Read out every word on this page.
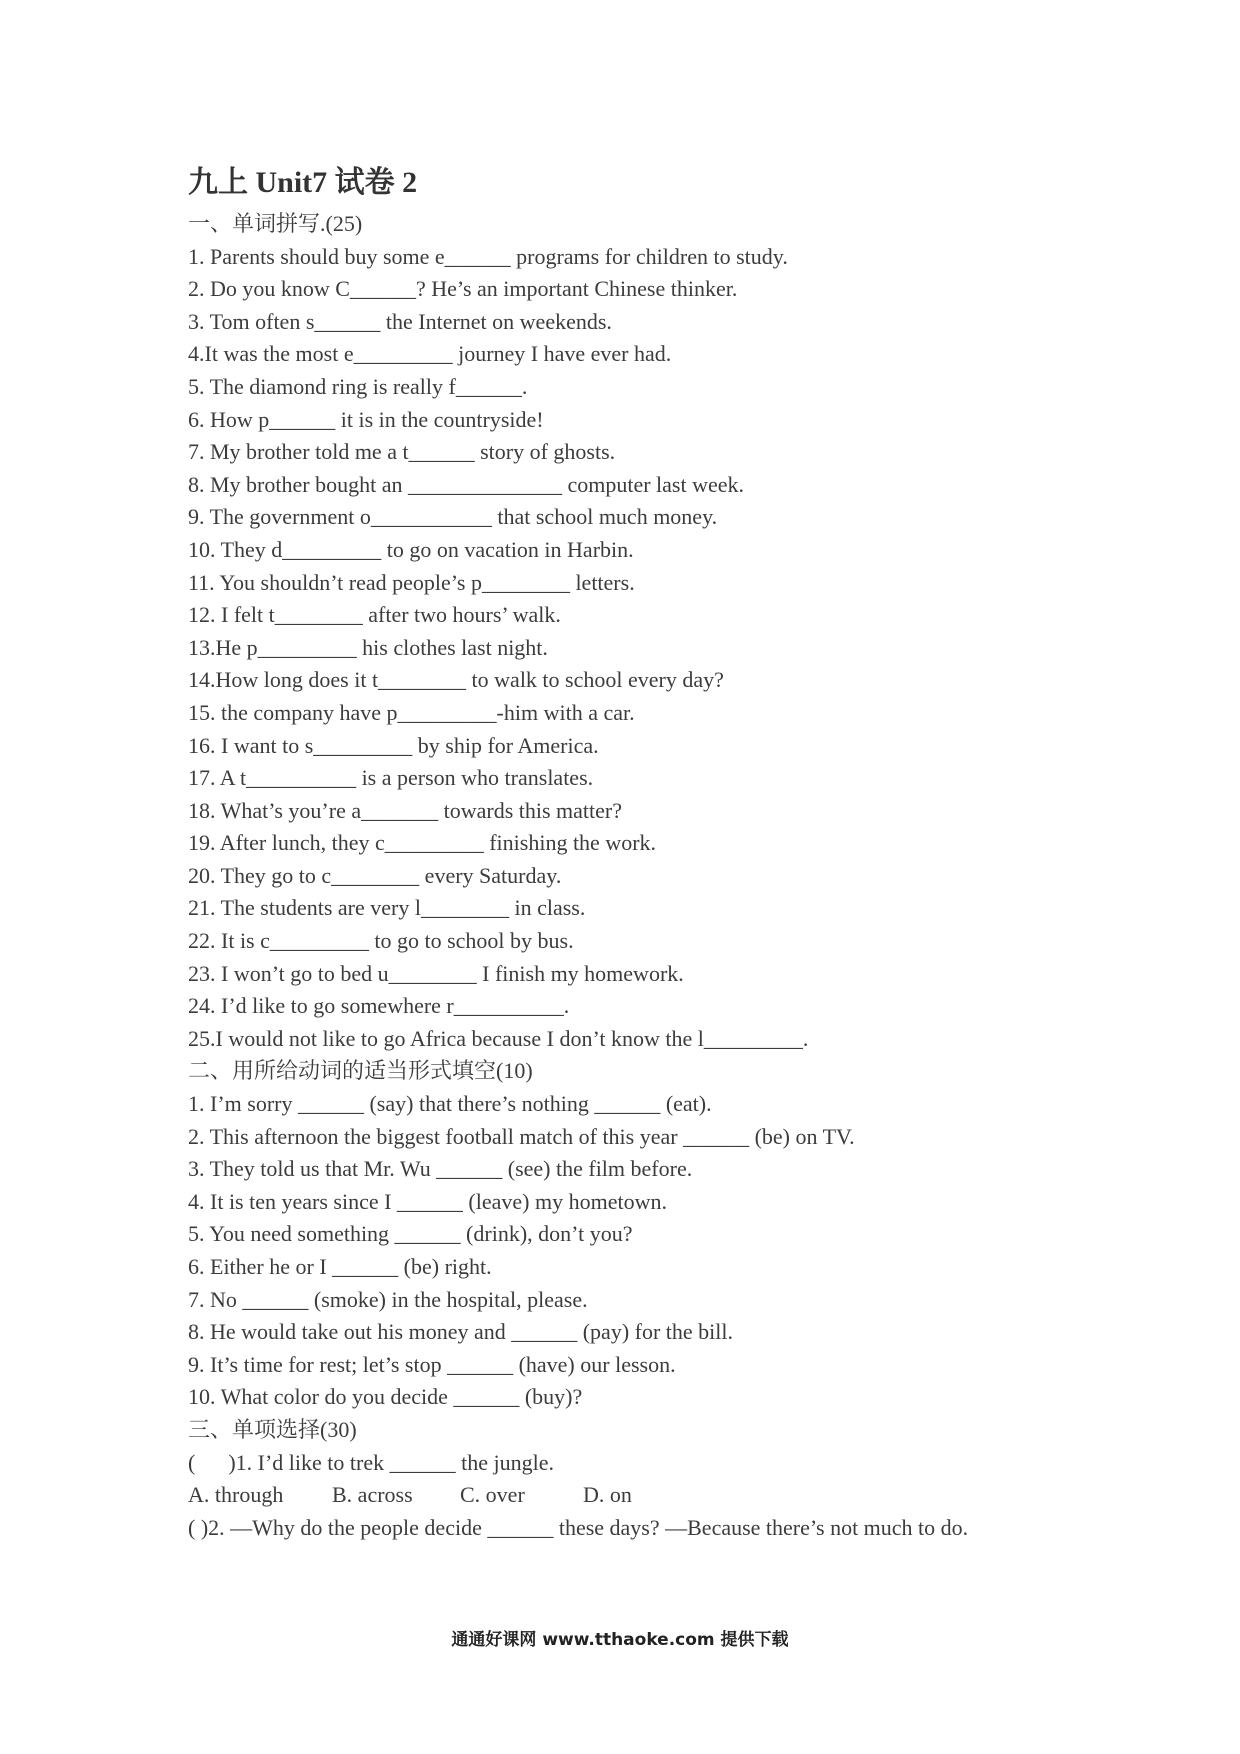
九上 Unit7 试卷 2
一、单词拼写.(25)
1. Parents should buy some e______ programs for children to study.
2. Do you know C______? He’s an important Chinese thinker.
3. Tom often s______ the Internet on weekends.
4.It was the most e_________ journey I have ever had.
5. The diamond ring is really f______.
6. How p______ it is in the countryside!
7. My brother told me a t______ story of ghosts.
8. My brother bought an ______________ computer last week.
9. The government o___________ that school much money.
10. They d_________ to go on vacation in Harbin.
11. You shouldn’t read people’s p________ letters.
12. I felt t________ after two hours’ walk.
13.He p_________ his clothes last night.
14.How long does it t________ to walk to school every day?
15. the company have p_________-him with a car.
16. I want to s_________ by ship for America.
17. A t__________ is a person who translates.
18. What’s you’re a_______ towards this matter?
19. After lunch, they c_________ finishing the work.
20. They go to c________ every Saturday.
21. The students are very l________ in class.
22. It is c_________ to go to school by bus.
23. I won’t go to bed u________ I finish my homework.
24. I’d like to go somewhere r__________.
25.I would not like to go Africa because I don’t know the l_________.
二、用所给动词的适当形式填空(10)
1. I’m sorry ______ (say) that there’s nothing ______ (eat).
2. This afternoon the biggest football match of this year ______ (be) on TV.
3. They told us that Mr. Wu ______ (see) the film before.
4. It is ten years since I ______ (leave) my hometown.
5. You need something ______ (drink), don’t you?
6. Either he or I ______ (be) right.
7. No ______ (smoke) in the hospital, please.
8. He would take out his money and ______ (pay) for the bill.
9. It’s time for rest; let’s stop ______ (have) our lesson.
10. What color do you decide ______ (buy)?
三、单项选择(30)
(      )1. I’d like to trek ______ the jungle.
A. through B. across C. over	D. on
( )2. —Why do the people decide ______ these days? —Because there’s not much to do.
通通好课网 www.tthaoke.com 提供下载
